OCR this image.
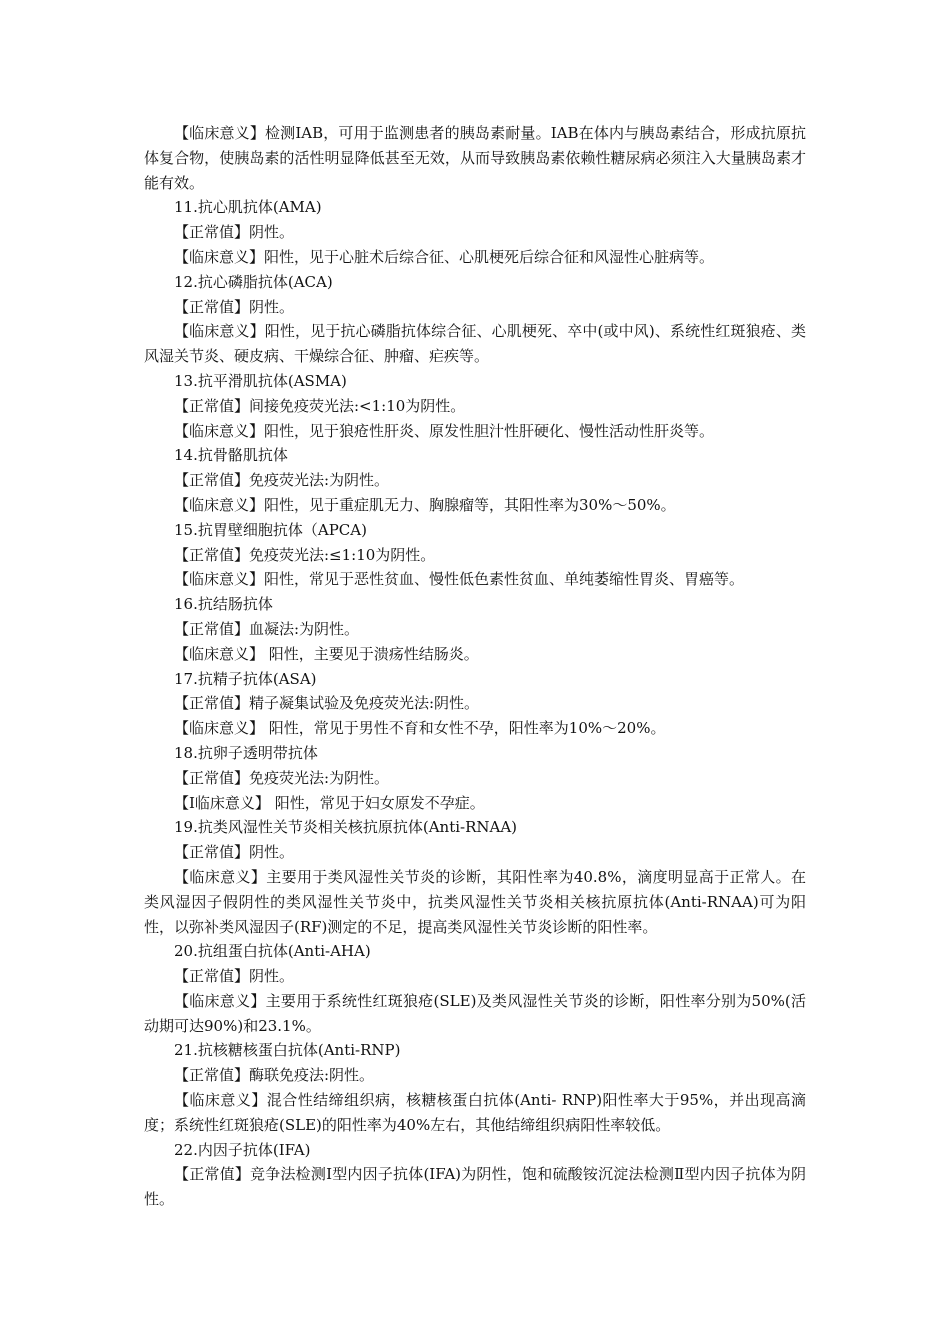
【临床意义】检测IAB，可用于监测患者的胰岛素耐量。IAB在体内与胰岛素结合，形成抗原抗体复合物，使胰岛素的活性明显降低甚至无效，从而导致胰岛素依赖性糖尿病必须注入大量胰岛素才能有效。

11.抗心肌抗体(AMA)

【正常值】阴性。

【临床意义】阳性，见于心脏术后综合征、心肌梗死后综合征和风湿性心脏病等。

12.抗心磷脂抗体(ACA)

【正常值】阴性。

【临床意义】阳性，见于抗心磷脂抗体综合征、心肌梗死、卒中(或中风)、系统性红斑狼疮、类风湿关节炎、硬皮病、干燥综合征、肿瘤、疟疾等。

13.抗平滑肌抗体(ASMA)

【正常值】间接免疫荧光法:<1:10为阴性。

【临床意义】阳性，见于狼疮性肝炎、原发性胆汁性肝硬化、慢性活动性肝炎等。

14.抗骨骼肌抗体

【正常值】免疫荧光法:为阴性。

【临床意义】阳性，见于重症肌无力、胸腺瘤等，其阳性率为30%～50%。

15.抗胃壁细胞抗体（APCA)

【正常值】免疫荧光法:≤1:10为阴性。

【临床意义】阳性，常见于恶性贫血、慢性低色素性贫血、单纯萎缩性胃炎、胃癌等。

16.抗结肠抗体

【正常值】血凝法:为阴性。

【临床意义】 阳性，主要见于溃疡性结肠炎。

17.抗精子抗体(ASA)

【正常值】精子凝集试验及免疫荧光法:阴性。

【临床意义】 阳性，常见于男性不育和女性不孕，阳性率为10%～20%。

18.抗卵子透明带抗体

【正常值】免疫荧光法:为阴性。

【I临床意义】 阳性，常见于妇女原发不孕症。

19.抗类风湿性关节炎相关核抗原抗体(Anti-RNAA)

【正常值】阴性。

【临床意义】主要用于类风湿性关节炎的诊断，其阳性率为40.8%，滴度明显高于正常人。在类风湿因子假阴性的类风湿性关节炎中，抗类风湿性关节炎相关核抗原抗体(Anti-RNAA)可为阳性，以弥补类风湿因子(RF)测定的不足，提高类风湿性关节炎诊断的阳性率。

20.抗组蛋白抗体(Anti-AHA)

【正常值】阴性。

【临床意义】主要用于系统性红斑狼疮(SLE)及类风湿性关节炎的诊断，阳性率分别为50%(活动期可达90%)和23.1%。

21.抗核糖核蛋白抗体(Anti-RNP)

【正常值】酶联免疫法:阴性。

【临床意义】混合性结缔组织病，核糖核蛋白抗体(Anti- RNP)阳性率大于95%，并出现高滴度；系统性红斑狼疮(SLE)的阳性率为40%左右，其他结缔组织病阳性率较低。

22.内因子抗体(IFA)

【正常值】竞争法检测Ⅰ型内因子抗体(IFA)为阴性，饱和硫酸铵沉淀法检测Ⅱ型内因子抗体为阴性。
